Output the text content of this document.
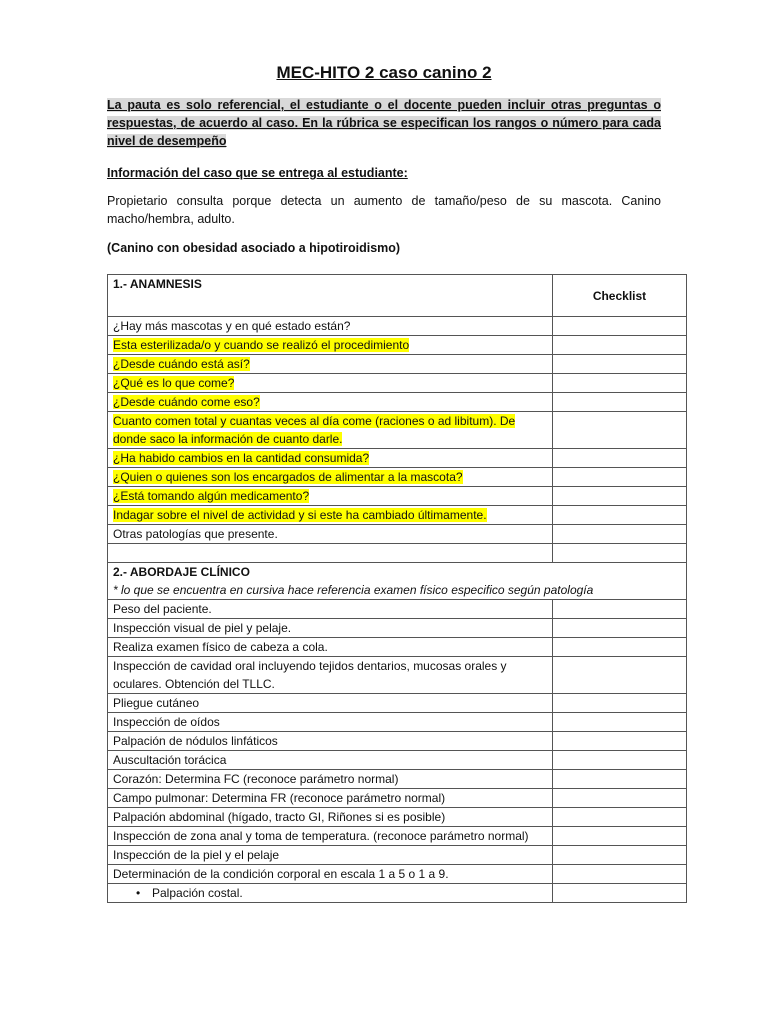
MEC-HITO 2 caso canino 2

La pauta es solo referencial, el estudiante o el docente pueden incluir otras preguntas o respuestas, de acuerdo al caso. En la rúbrica se especifican los rangos o número para cada nivel de desempeño

Información del caso que se entrega al estudiante:

Propietario consulta porque detecta un aumento de tamaño/peso de su mascota. Canino macho/hembra, adulto.

(Canino con obesidad asociado a hipotiroidismo)

1.- ANAMNESIS	Checklist
¿Hay más mascotas y en qué estado están?	
Esta esterilizada/o y cuando se realizó el procedimiento	
¿Desde cuándo está así?	
¿Qué es lo que come?	
¿Desde cuándo come eso?	
Cuanto comen total y cuantas veces al día come (raciones o ad libitum). De donde saco la información de cuanto darle.	
¿Ha habido cambios en la cantidad consumida?	
¿Quien o quienes son los encargados de alimentar a la mascota?	
¿Está tomando algún medicamento?	
Indagar sobre el nivel de actividad y si este ha cambiado últimamente.	
Otras patologías que presente.	

2.- ABORDAJE CLÍNICO
* lo que se encuentra en cursiva hace referencia examen físico especifico según patología	

Peso del paciente.	
Inspección visual de piel y pelaje.	
Realiza examen físico de cabeza a cola.	
Inspección de cavidad oral incluyendo tejidos dentarios, mucosas orales y oculares. Obtención del TLLC.	
Pliegue cutáneo	
Inspección de oídos	
Palpación de nódulos linfáticos	
Auscultación torácica	
Corazón: Determina FC (reconoce parámetro normal)	
Campo pulmonar: Determina FR (reconoce parámetro normal)	
Palpación abdominal (hígado, tracto GI, Riñones si es posible)	
Inspección de zona anal y toma de temperatura. (reconoce parámetro normal)	
Inspección de la piel y el pelaje	
Determinación de la condición corporal en escala 1 a 5 o 1 a 9.	
• Palpación costal.	
